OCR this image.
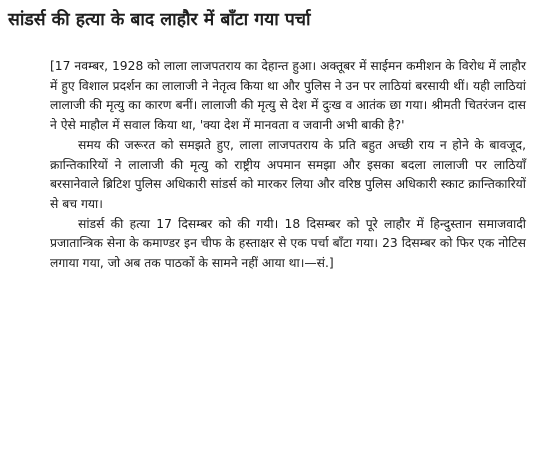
सांडर्स की हत्या के बाद लाहौर में बाँटा गया पर्चा

[17 नवम्बर, 1928 को लाला लाजपतराय का देहान्त हुआ। अक्तूबर में साईमन कमीशन के विरोध में लाहौर में हुए विशाल प्रदर्शन का लालाजी ने नेतृत्व किया था और पुलिस ने उन पर लाठियां बरसायी थीं। यही लाठियां लालाजी की मृत्यु का कारण बनीं। लालाजी की मृत्यु से देश में दुःख व आतंक छा गया। श्रीमती चितरंजन दास ने ऐसे माहौल में सवाल किया था, 'क्या देश में मानवता व जवानी अभी बाकी है?'

समय की जरूरत को समझते हुए, लाला लाजपतराय के प्रति बहुत अच्छी राय न होने के बावजूद, क्रान्तिकारियों ने लालाजी की मृत्यु को राष्ट्रीय अपमान समझा और इसका बदला लालाजी पर लाठियाँ बरसानेवाले ब्रिटिश पुलिस अधिकारी सांडर्स को मारकर लिया और वरिष्ठ पुलिस अधिकारी स्काट क्रान्तिकारियों से बच गया।

सांडर्स की हत्या 17 दिसम्बर को की गयी। 18 दिसम्बर को पूरे लाहौर में हिन्दुस्तान समाजवादी प्रजातान्त्रिक सेना के कमाण्डर इन चीफ के हस्ताक्षर से एक पर्चा बाँटा गया। 23 दिसम्बर को फिर एक नोटिस लगाया गया, जो अब तक पाठकों के सामने नहीं आया था।—सं.]
